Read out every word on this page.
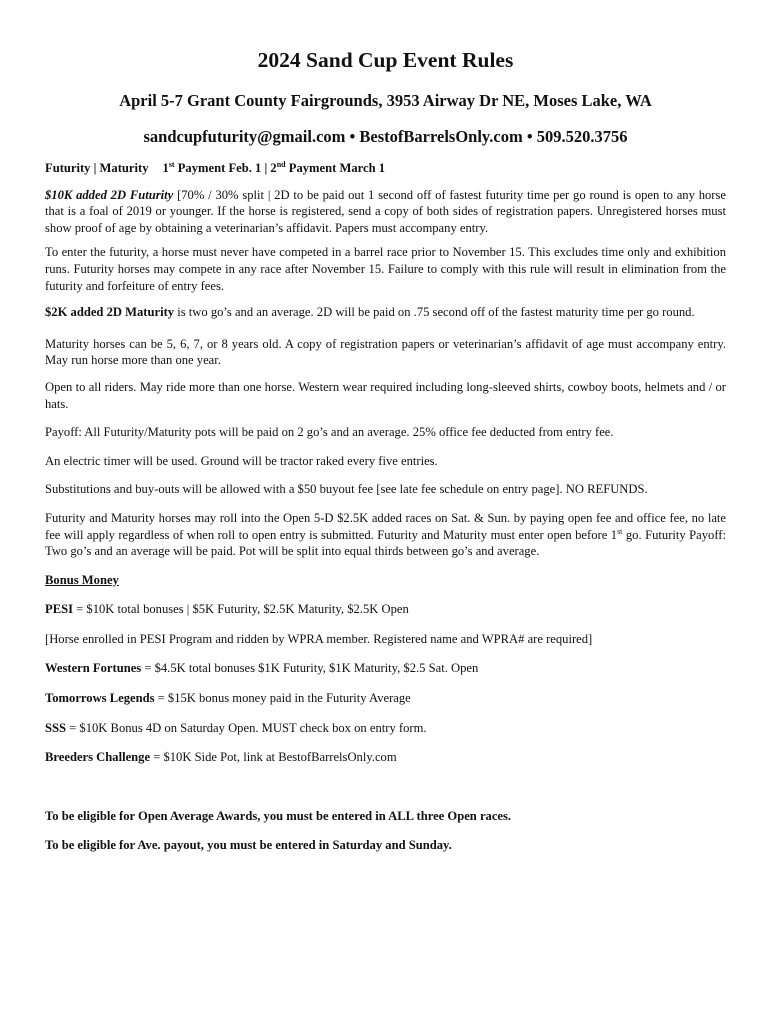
2024 Sand Cup Event Rules
April 5-7 Grant County Fairgrounds, 3953 Airway Dr NE, Moses Lake, WA
sandcupfuturity@gmail.com • BestofBarrelsOnly.com • 509.520.3756

Futurity | Maturity 1st Payment Feb. 1 | 2nd Payment March 1

$10K added 2D Futurity [70% / 30% split | 2D to be paid out 1 second off of fastest futurity time per go round is open to any horse that is a foal of 2019 or younger. If the horse is registered, send a copy of both sides of registration papers. Unregistered horses must show proof of age by obtaining a veterinarian’s affidavit. Papers must accompany entry.

To enter the futurity, a horse must never have competed in a barrel race prior to November 15. This excludes time only and exhibition runs. Futurity horses may compete in any race after November 15. Failure to comply with this rule will result in elimination from the futurity and forfeiture of entry fees.

$2K added 2D Maturity is two go’s and an average. 2D will be paid on .75 second off of the fastest maturity time per go round.

Maturity horses can be 5, 6, 7, or 8 years old. A copy of registration papers or veterinarian’s affidavit of age must accompany entry. May run horse more than one year.

Open to all riders. May ride more than one horse. Western wear required including long-sleeved shirts, cowboy boots, helmets and / or hats.

Payoff: All Futurity/Maturity pots will be paid on 2 go’s and an average. 25% office fee deducted from entry fee.

An electric timer will be used. Ground will be tractor raked every five entries.

Substitutions and buy-outs will be allowed with a $50 buyout fee [see late fee schedule on entry page]. NO REFUNDS.

Futurity and Maturity horses may roll into the Open 5-D $2.5K added races on Sat. & Sun. by paying open fee and office fee, no late fee will apply regardless of when roll to open entry is submitted. Futurity and Maturity must enter open before 1st go. Futurity Payoff: Two go’s and an average will be paid. Pot will be split into equal thirds between go’s and average.

Bonus Money

PESI = $10K total bonuses | $5K Futurity, $2.5K Maturity, $2.5K Open

[Horse enrolled in PESI Program and ridden by WPRA member. Registered name and WPRA# are required]

Western Fortunes = $4.5K total bonuses $1K Futurity, $1K Maturity, $2.5 Sat. Open

Tomorrows Legends = $15K bonus money paid in the Futurity Average

SSS = $10K Bonus 4D on Saturday Open. MUST check box on entry form.

Breeders Challenge = $10K Side Pot, link at BestofBarrelsOnly.com

To be eligible for Open Average Awards, you must be entered in ALL three Open races.

To be eligible for Ave. payout, you must be entered in Saturday and Sunday.
